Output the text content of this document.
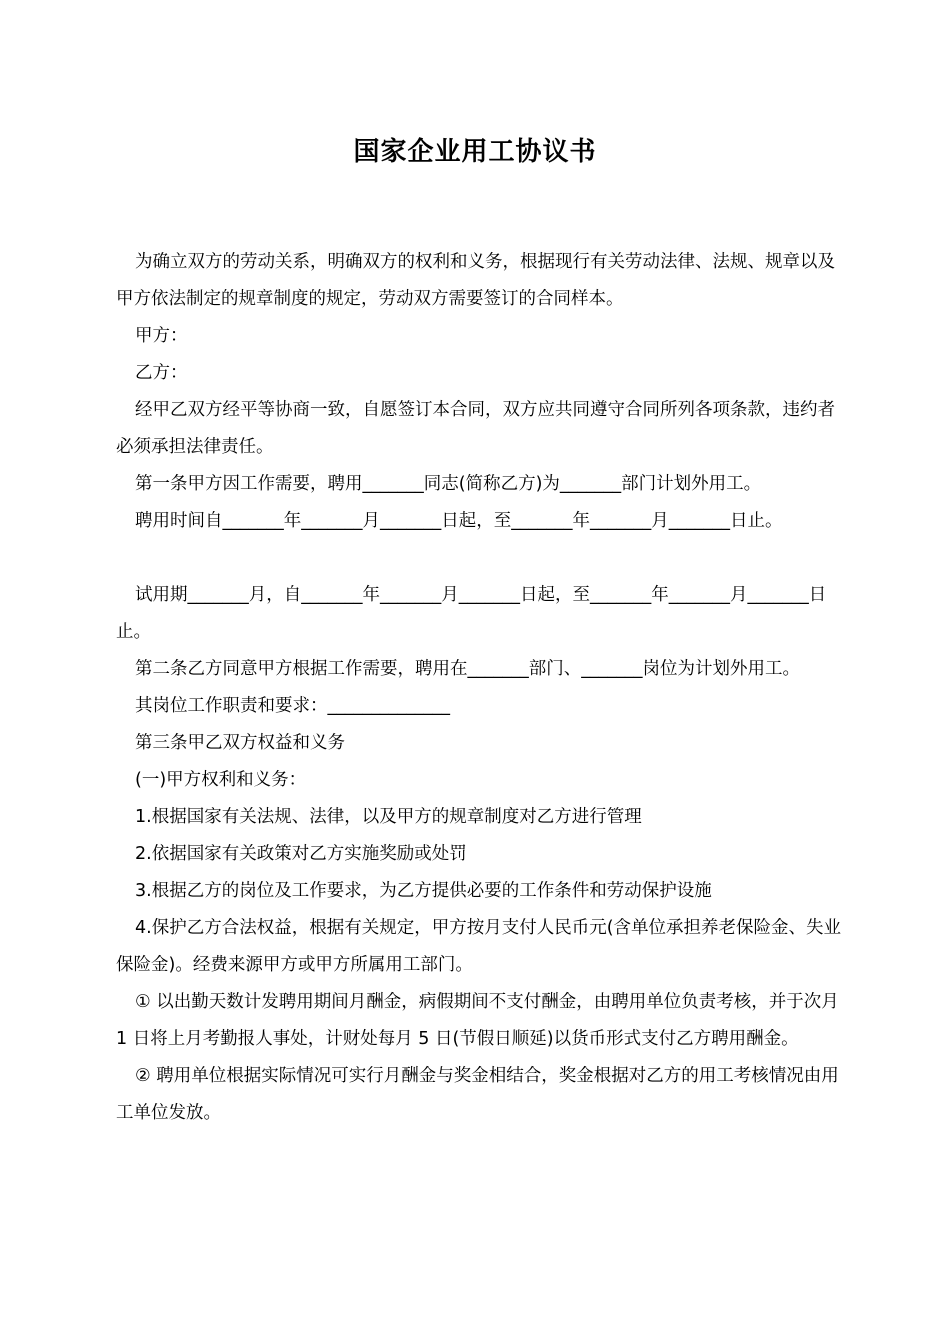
国家企业用工协议书

为确立双方的劳动关系，明确双方的权利和义务，根据现行有关劳动法律、法规、规章以及甲方依法制定的规章制度的规定，劳动双方需要签订的合同样本。

甲方：

乙方：

经甲乙双方经平等协商一致，自愿签订本合同，双方应共同遵守合同所列各项条款，违约者必须承担法律责任。

第一条甲方因工作需要，聘用_______同志(简称乙方)为_______部门计划外用工。

聘用时间自_______年_______月_______日起，至_______年_______月_______日止。

试用期_______月，自_______年_______月_______日起，至_______年_______月_______日止。

第二条乙方同意甲方根据工作需要，聘用在_______部门、_______岗位为计划外用工。

其岗位工作职责和要求：______________

第三条甲乙双方权益和义务

(一)甲方权利和义务：

1.根据国家有关法规、法律，以及甲方的规章制度对乙方进行管理

2.依据国家有关政策对乙方实施奖励或处罚

3.根据乙方的岗位及工作要求，为乙方提供必要的工作条件和劳动保护设施

4.保护乙方合法权益，根据有关规定，甲方按月支付人民币元(含单位承担养老保险金、失业保险金)。经费来源甲方或甲方所属用工部门。

① 以出勤天数计发聘用期间月酬金，病假期间不支付酬金，由聘用单位负责考核，并于次月 1 日将上月考勤报人事处，计财处每月 5 日(节假日顺延)以货币形式支付乙方聘用酬金。

② 聘用单位根据实际情况可实行月酬金与奖金相结合，奖金根据对乙方的用工考核情况由用工单位发放。
